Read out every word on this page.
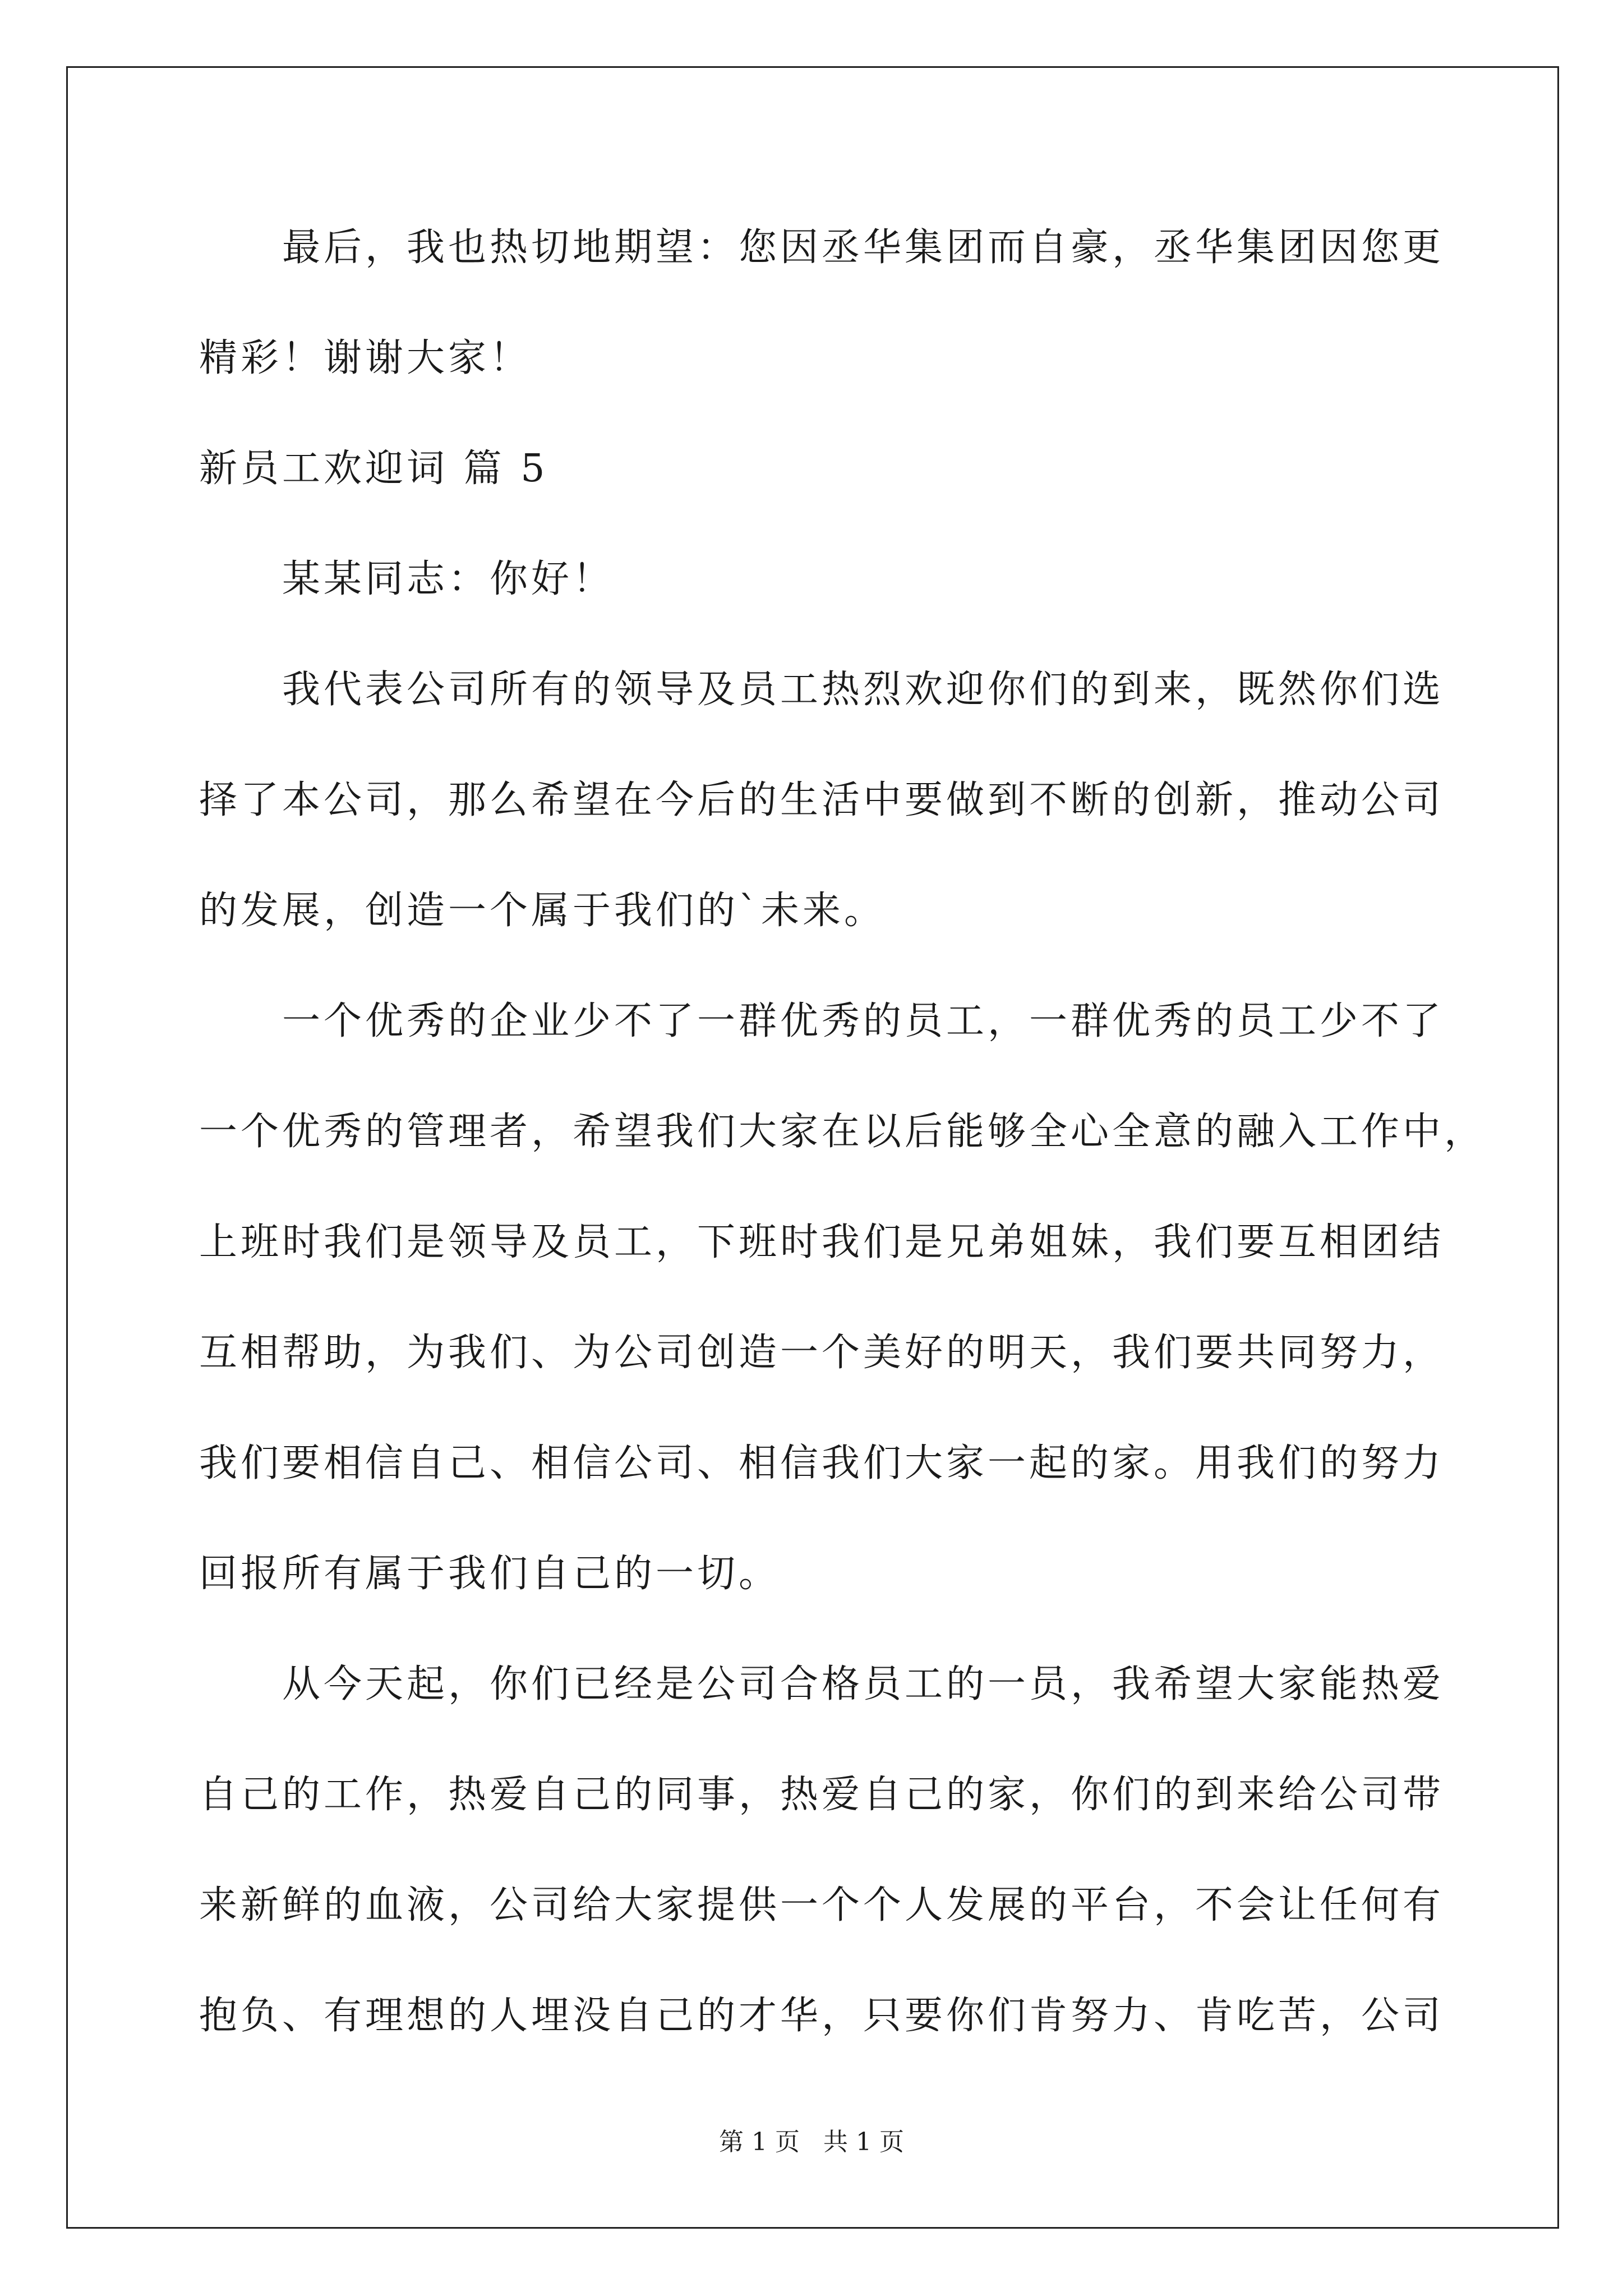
最后，我也热切地期望：您因丞华集团而自豪，丞华集团因您更
精彩！谢谢大家！
新员工欢迎词 篇 5
某某同志：你好！
我代表公司所有的领导及员工热烈欢迎你们的到来，既然你们选
择了本公司，那么希望在今后的生活中要做到不断的创新，推动公司
的发展，创造一个属于我们的`未来。
一个优秀的企业少不了一群优秀的员工，一群优秀的员工少不了
一个优秀的管理者，希望我们大家在以后能够全心全意的融入工作中，
上班时我们是领导及员工，下班时我们是兄弟姐妹，我们要互相团结
互相帮助，为我们、为公司创造一个美好的明天，我们要共同努力，
我们要相信自己、相信公司、相信我们大家一起的家。用我们的努力
回报所有属于我们自己的一切。
从今天起，你们已经是公司合格员工的一员，我希望大家能热爱
自己的工作，热爱自己的同事，热爱自己的家，你们的到来给公司带
来新鲜的血液，公司给大家提供一个个人发展的平台，不会让任何有
抱负、有理想的人埋没自己的才华，只要你们肯努力、肯吃苦，公司
第 1 页   共 1 页
